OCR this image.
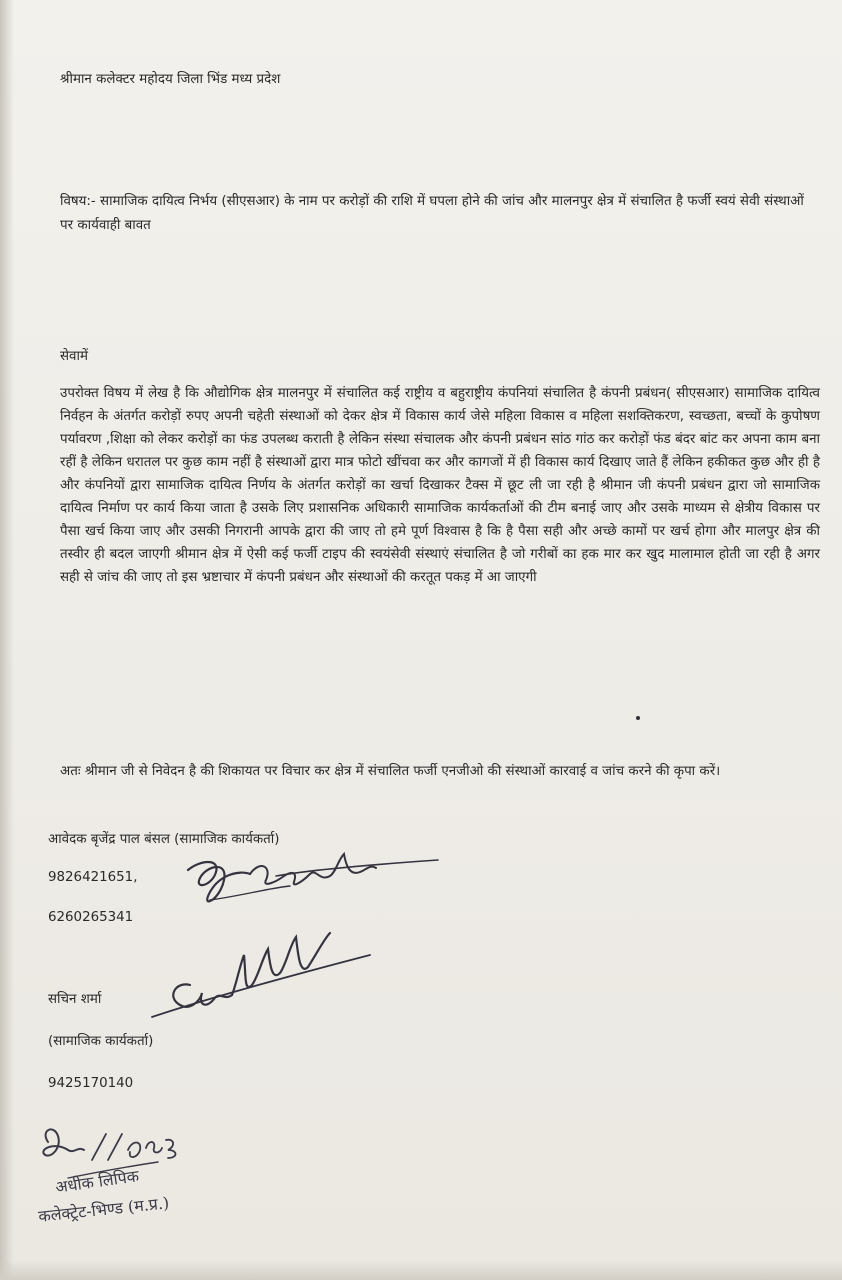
श्रीमान कलेक्टर महोदय जिला भिंड मध्य प्रदेश

विषय:- सामाजिक दायित्व निर्भय (सीएसआर) के नाम पर करोड़ों की राशि में घपला होने की जांच और मालनपुर क्षेत्र में संचालित है फर्जी स्वयं सेवी संस्थाओं पर कार्यवाही बावत

सेवामें

उपरोक्त विषय में लेख है कि औद्योगिक क्षेत्र मालनपुर में संचालित कई राष्ट्रीय व बहुराष्ट्रीय कंपनियां संचालित है कंपनी प्रबंधन( सीएसआर) सामाजिक दायित्व निर्वहन के अंतर्गत करोड़ों रुपए अपनी चहेती संस्थाओं को देकर क्षेत्र में विकास कार्य जेसे महिला विकास व महिला सशक्तिकरण, स्वच्छता, बच्चों के कुपोषण पर्यावरण ,शिक्षा को लेकर करोड़ों का फंड उपलब्ध कराती है लेकिन संस्था संचालक और कंपनी प्रबंधन सांठ गांठ कर करोड़ों फंड बंदर बांट कर अपना काम बना रहीं है लेकिन धरातल पर कुछ काम नहीं है संस्थाओं द्वारा मात्र फोटो खींचवा कर और कागजों में ही विकास कार्य दिखाए जाते हैं लेकिन हकीकत कुछ और ही है और कंपनियों द्वारा सामाजिक दायित्व निर्णय के अंतर्गत करोड़ों का खर्चा दिखाकर टैक्स में छूट ली जा रही है श्रीमान जी कंपनी प्रबंधन द्वारा जो सामाजिक दायित्व निर्माण पर कार्य किया जाता है उसके लिए प्रशासनिक अधिकारी सामाजिक कार्यकर्ताओं की टीम बनाई जाए और उसके माध्यम से क्षेत्रीय विकास पर पैसा खर्च किया जाए और उसकी निगरानी आपके द्वारा की जाए तो हमे पूर्ण विश्वास है कि है पैसा सही और अच्छे कामों पर खर्च होगा और मालपुर क्षेत्र की तस्वीर ही बदल जाएगी श्रीमान क्षेत्र में ऐसी कई फर्जी टाइप की स्वयंसेवी संस्थाएं संचालित है जो गरीबों का हक मार कर खुद मालामाल होती जा रही है अगर सही से जांच की जाए तो इस भ्रष्टाचार में कंपनी प्रबंधन और संस्थाओं की करतूत पकड़ में आ जाएगी

अतः श्रीमान जी से निवेदन है की शिकायत पर विचार कर क्षेत्र में संचालित फर्जी एनजीओ की संस्थाओं कारवाई व जांच करने की कृपा करें।

आवेदक बृजेंद्र पाल बंसल (सामाजिक कार्यकर्ता)

9826421651,

6260265341

सचिन शर्मा

(सामाजिक कार्यकर्ता)

9425170140

अधीक लिपिक

कलेक्ट्रेट-भिण्ड (म.प्र.)
